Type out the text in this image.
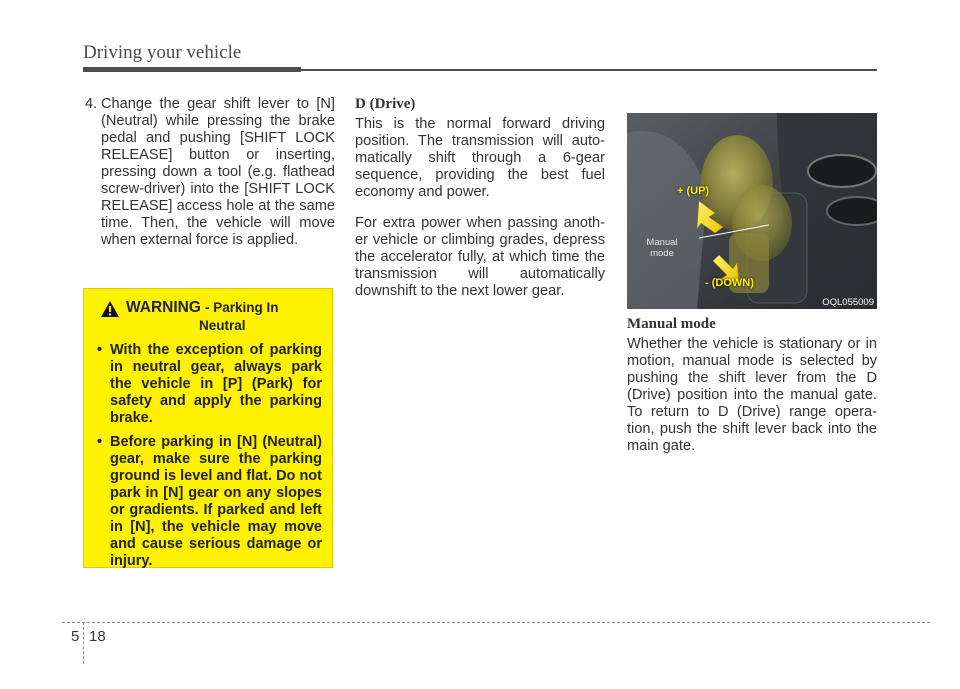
Driving your vehicle
4. Change the gear shift lever to [N] (Neutral) while pressing the brake pedal and pushing [SHIFT LOCK RELEASE] button or inserting, pressing down a tool (e.g. flathead screw-driver) into the [SHIFT LOCK RELEASE] access hole at the same time. Then, the vehicle will move when external force is applied.
WARNING - Parking In
Neutral
• With the exception of parking in neutral gear, always park the vehicle in [P] (Park) for safety and apply the parking brake.
• Before parking in [N] (Neutral) gear, make sure the parking ground is level and flat. Do not park in [N] gear on any slopes or gradients. If parked and left in [N], the vehicle may move and cause serious damage or injury.
D (Drive)
This is the normal forward driving position. The transmission will auto-matically shift through a 6-gear sequence, providing the best fuel economy and power.
For extra power when passing anoth-er vehicle or climbing grades, depress the accelerator fully, at which time the transmission will automatically downshift to the next lower gear.
+ (UP)
- (DOWN)
Manual
mode
OQL055009
Manual mode
Whether the vehicle is stationary or in motion, manual mode is selected by pushing the shift lever from the D (Drive) position into the manual gate. To return to D (Drive) range opera-tion, push the shift lever back into the main gate.
5 18
